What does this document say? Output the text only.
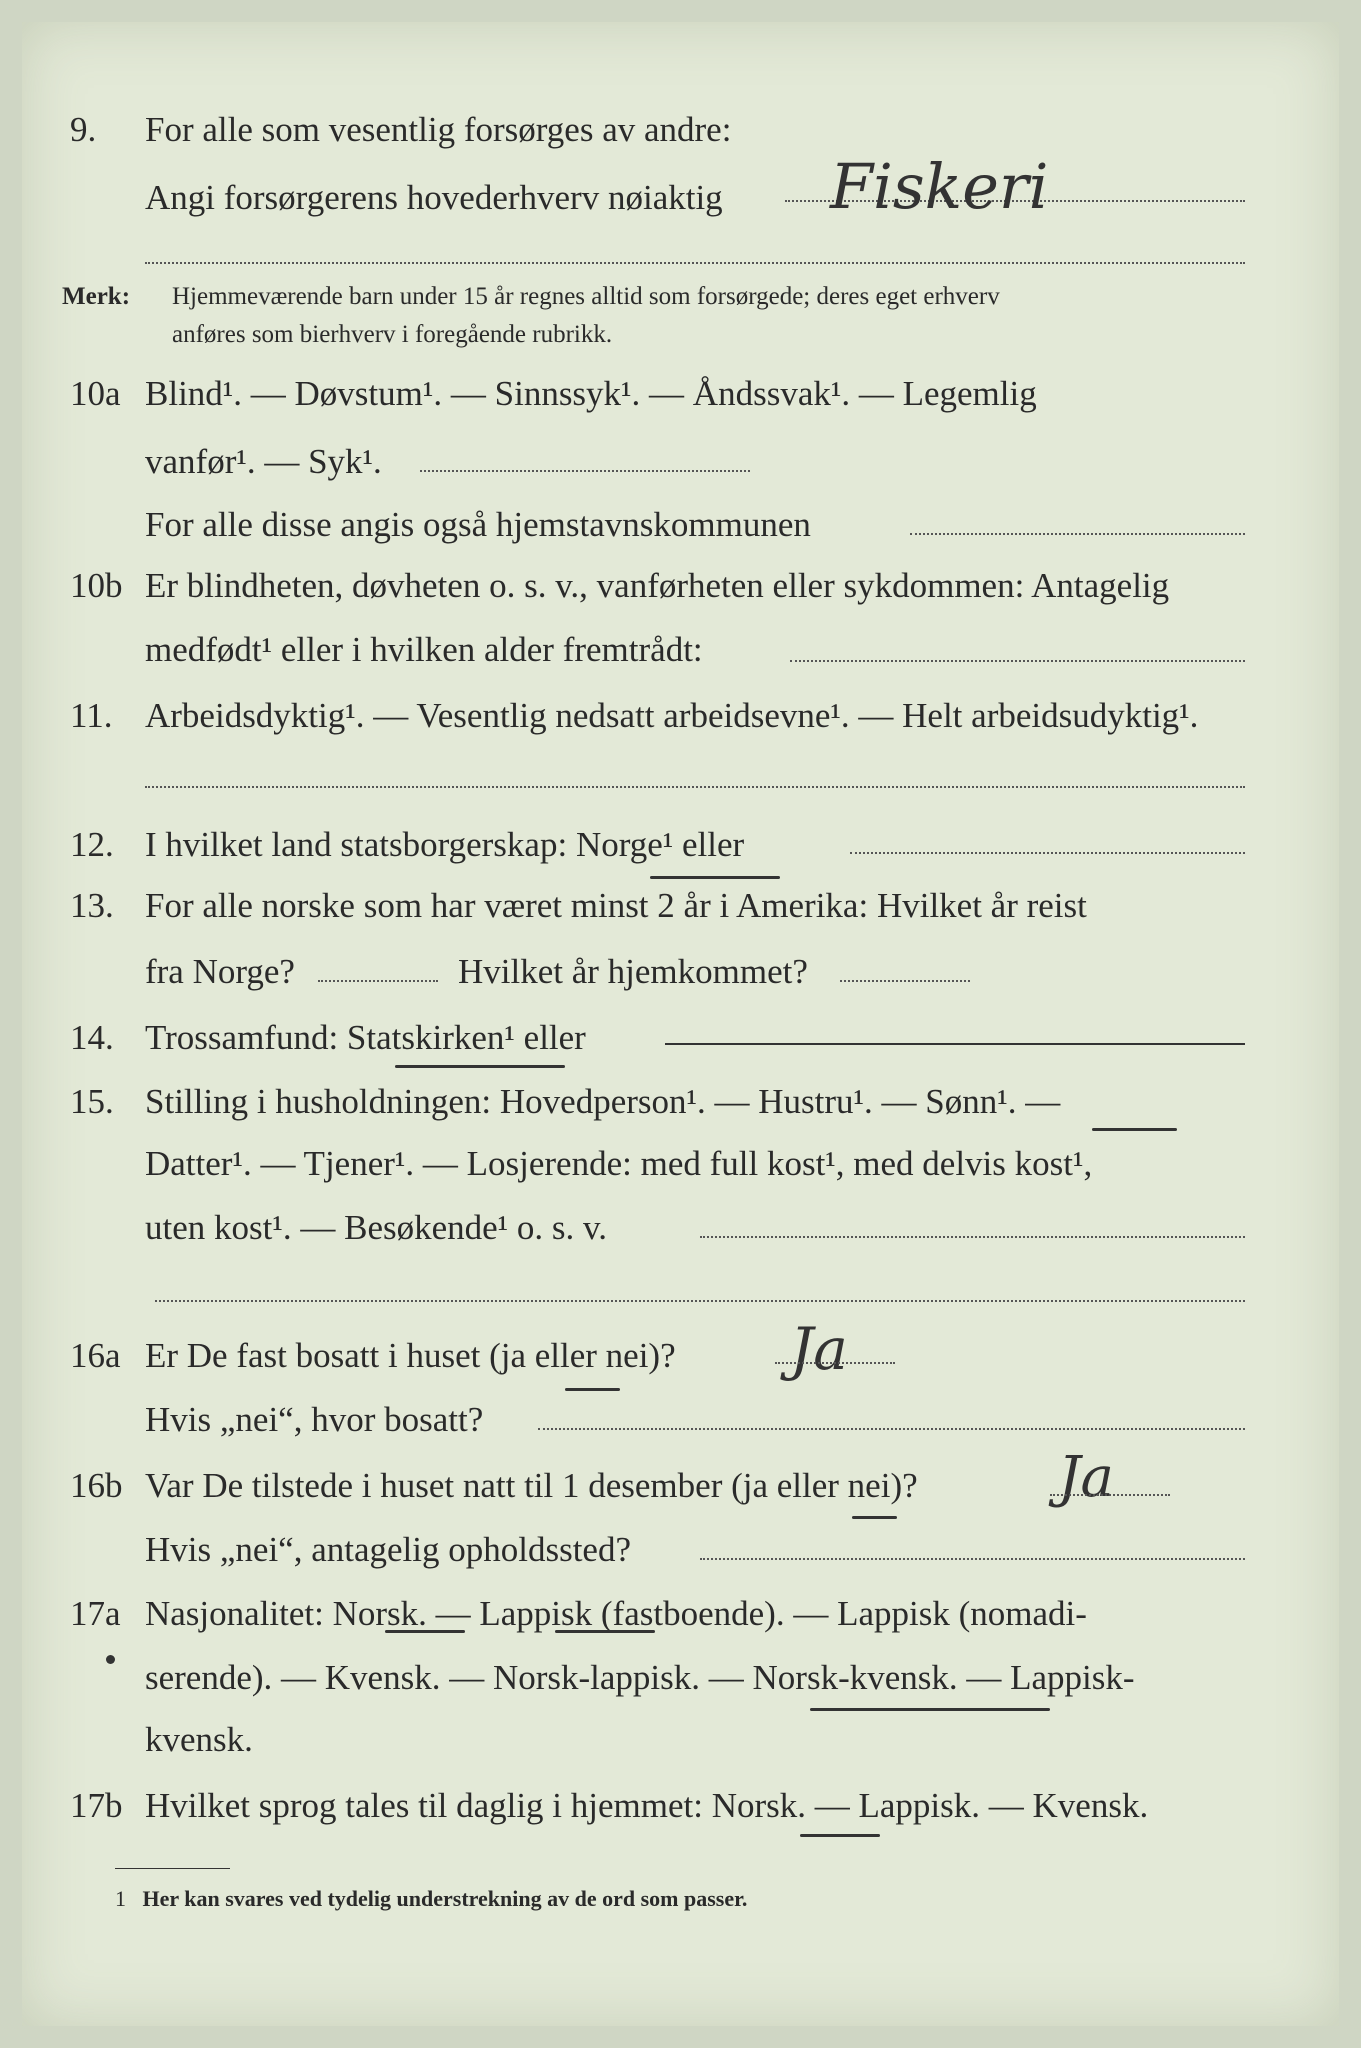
9. For alle som vesentlig forsørges av andre:
Angi forsørgerens hovederhverv nøiaktig Fiskeri
Merk: Hjemmeværende barn under 15 år regnes alltid som forsørgede; deres eget erhverv
anføres som bierhverv i foregående rubrikk.
10a Blind¹. — Døvstum¹. — Sinnssyk¹. — Åndssvak¹. — Legemlig
vanfør¹. — Syk¹.
For alle disse angis også hjemstavnskommunen
10b Er blindheten, døvheten o. s. v., vanførheten eller sykdommen: Antagelig
medfødt¹ eller i hvilken alder fremtrådt:
11. Arbeidsdyktig¹. — Vesentlig nedsatt arbeidsevne¹. — Helt arbeidsudyktig¹.
12. I hvilket land statsborgerskap: Norge¹ eller
13. For alle norske som har været minst 2 år i Amerika: Hvilket år reist
fra Norge?	Hvilket år hjemkommet?
14. Trossamfund: Statskirken¹ eller
15. Stilling i husholdningen: Hovedperson¹. — Hustru¹. — Sønn¹. —
Datter¹. — Tjener¹. — Losjerende: med full kost¹, med delvis kost¹,
uten kost¹. — Besøkende¹ o. s. v.
16a Er De fast bosatt i huset (ja eller nei)? Ja
Hvis „nei“, hvor bosatt?
16b Var De tilstede i huset natt til 1 desember (ja eller nei)?	Ja
Hvis „nei“, antagelig opholdssted?
17a Nasjonalitet: Norsk. — Lappisk (fastboende). — Lappisk (nomadi-
serende). — Kvensk. — Norsk-lappisk. — Norsk-kvensk. — Lappisk-
kvensk.
17b Hvilket sprog tales til daglig i hjemmet: Norsk. — Lappisk. — Kvensk.
1 Her kan svares ved tydelig understrekning av de ord som passer.
